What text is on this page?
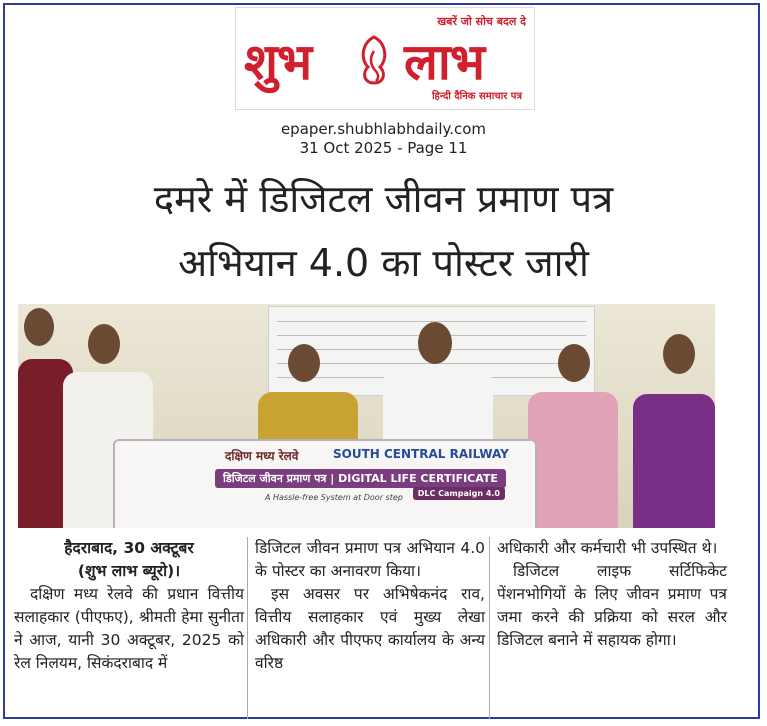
खबरें जो सोच बदल दे
शुभ लाभ
हिन्दी दैनिक समाचार पत्र
epaper.shubhlabhdaily.com
31 Oct 2025 - Page 11
दमरे में डिजिटल जीवन प्रमाण पत्र
अभियान 4.0 का पोस्टर जारी
दक्षिण मध्य रेलवे	SOUTH CENTRAL RAILWAY
डिजिटल जीवन प्रमाण पत्र | DIGITAL LIFE CERTIFICATE
A Hassle-free System at Door step	DLC Campaign 4.0

हैदराबाद, 30 अक्टूबर

(शुभ लाभ ब्यूरो)।

दक्षिण मध्य रेलवे की प्रधान वित्तीय सलाहकार (पीएफए), श्रीमती हेमा सुनीता ने आज, यानी 30 अक्टूबर, 2025 को रेल निलयम, सिकंदराबाद में

डिजिटल जीवन प्रमाण पत्र अभियान 4.0 के पोस्टर का अनावरण किया।

इस अवसर पर अभिषेकनंद राव, वित्तीय सलाहकार एवं मुख्य लेखा अधिकारी और पीएफए कार्यालय के अन्य वरिष्ठ

अधिकारी और कर्मचारी भी उपस्थित थे।

डिजिटल लाइफ सर्टिफिकेट पेंशनभोगियों के लिए जीवन प्रमाण पत्र जमा करने की प्रक्रिया को सरल और डिजिटल बनाने में सहायक होगा।
